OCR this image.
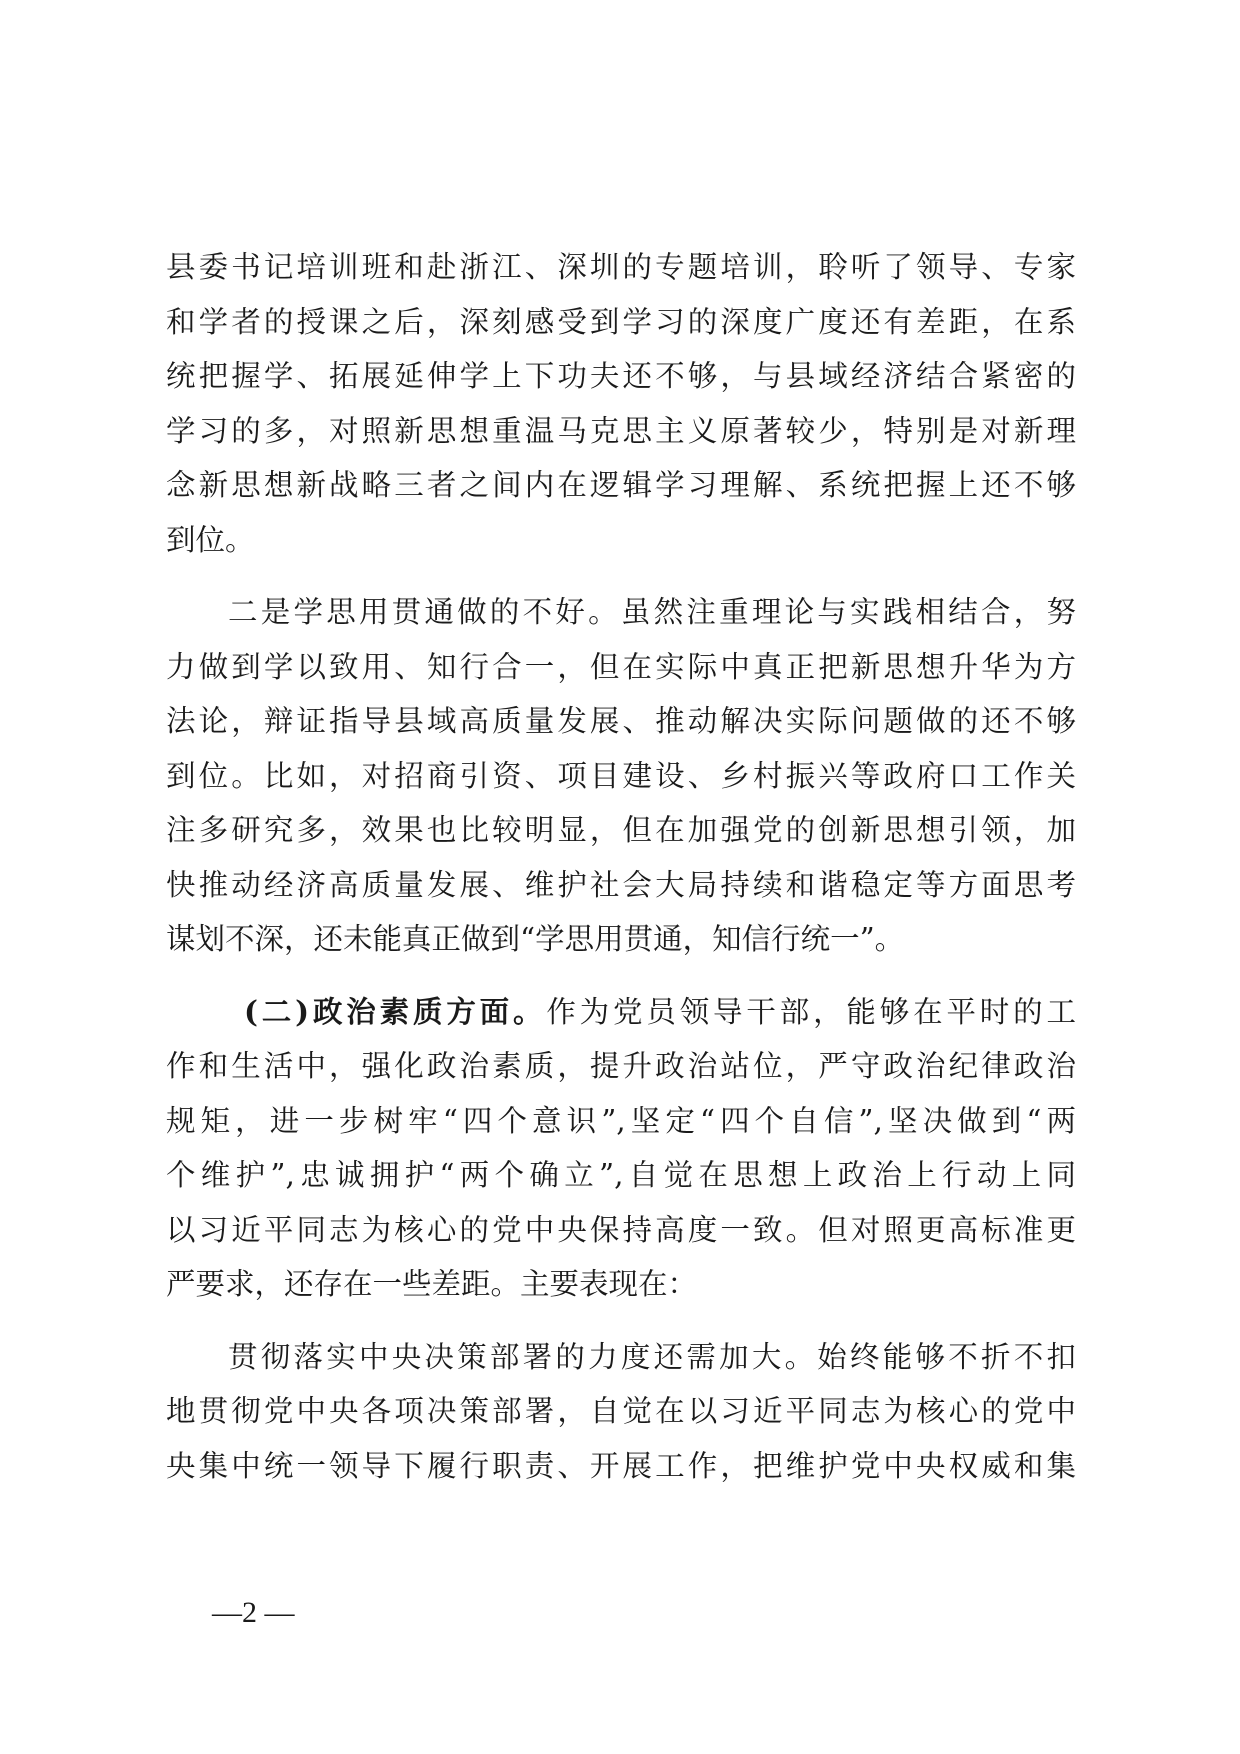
县委书记培训班和赴浙江、深圳的专题培训，聆听了领导、专家
和学者的授课之后，深刻感受到学习的深度广度还有差距，在系
统把握学、拓展延伸学上下功夫还不够，与县域经济结合紧密的
学习的多，对照新思想重温马克思主义原著较少，特别是对新理
念新思想新战略三者之间内在逻辑学习理解、系统把握上还不够
到位。
二是学思用贯通做的不好。虽然注重理论与实践相结合，努
力做到学以致用、知行合一，但在实际中真正把新思想升华为方
法论，辩证指导县域高质量发展、推动解决实际问题做的还不够
到位。比如，对招商引资、项目建设、乡村振兴等政府口工作关
注多研究多，效果也比较明显，但在加强党的创新思想引领，加
快推动经济高质量发展、维护社会大局持续和谐稳定等方面思考
谋划不深，还未能真正做到“学思用贯通，知信行统一”。
(二)政治素质方面。作为党员领导干部，能够在平时的工
作和生活中，强化政治素质，提升政治站位，严守政治纪律政治
规矩，进一步树牢“四个意识”,坚定“四个自信”,坚决做到“两
个维护”,忠诚拥护“两个确立”,自觉在思想上政治上行动上同
以习近平同志为核心的党中央保持高度一致。但对照更高标准更
严要求，还存在一些差距。主要表现在：
贯彻落实中央决策部署的力度还需加大。始终能够不折不扣
地贯彻党中央各项决策部署，自觉在以习近平同志为核心的党中
央集中统一领导下履行职责、开展工作，把维护党中央权威和集
—2 —
